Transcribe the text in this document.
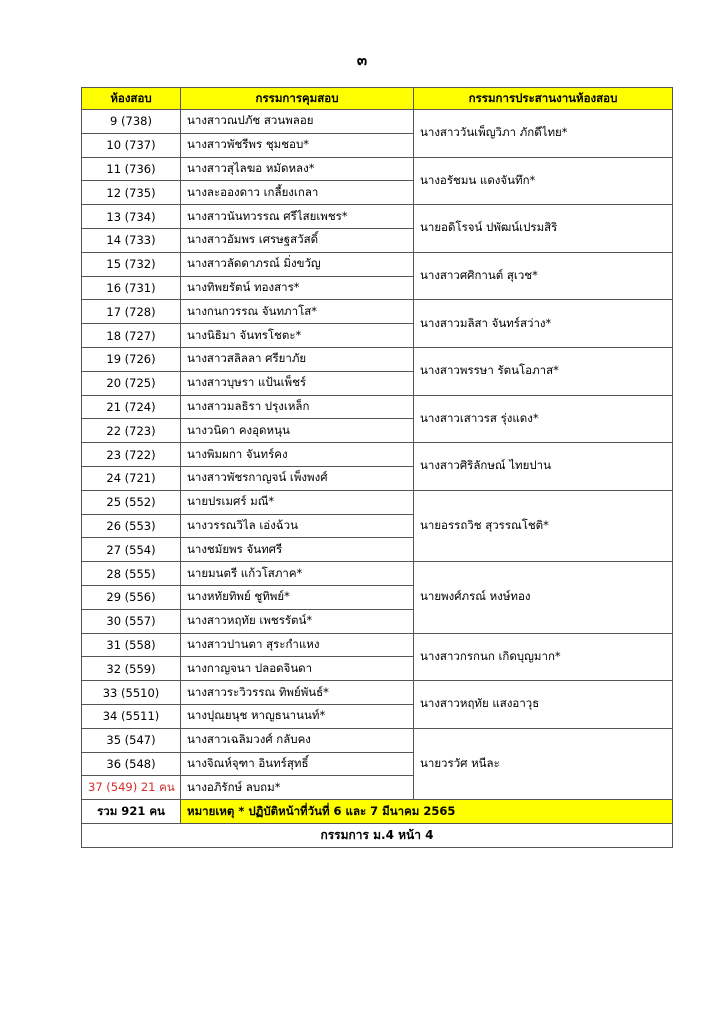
๓
ห้องสอบ	กรรมการคุมสอบ	กรรมการประสานงานห้องสอบ
9 (738)	นางสาวณปภัช สวนพลอย	นางสาววันเพ็ญวิภา ภักดีไทย*
10 (737)	นางสาวพัชรีพร ชุมชอบ*	
11 (736)	นางสาวสุไลฆอ หมัดหลง*	นางอรัชมน แดงจันทึก*
12 (735)	นางละอองดาว เกลี้ยงเกลา	
13 (734)	นางสาวนันทวรรณ ศรีไสยเพชร*	นายอดิโรจน์ ปพัฒน์เปรมสิริ
14 (733)	นางสาวอัมพร เศรษฐสวัสดิ์	
15 (732)	นางสาวลัดดาภรณ์ มิ่งขวัญ	นางสาวศศิกานต์ สุเวช*
16 (731)	นางทิพยรัตน์ ทองสาร*	
17 (728)	นางกนกวรรณ จันทภาโส*	นางสาวมลิสา จันทร์สว่าง*
18 (727)	นางนิธิมา จันทรโชตะ*	
19 (726)	นางสาวสลิลลา ศรียาภัย	นางสาวพรรษา รัตนโอภาส*
20 (725)	นางสาวบุษรา แป้นเพ็ชร์	
21 (724)	นางสาวมลธิรา ปรุงเหล็ก	นางสาวเสาวรส รุ่งแดง*
22 (723)	นางวนิดา คงอุดหนุน	
23 (722)	นางพิมผกา จันทร์คง	นางสาวศิริลักษณ์ ไทยปาน
24 (721)	นางสาวพัชรกาญจน์ เพ็งพงศ์	
25 (552)	นายปรเมศร์ มณี*	นายอรรถวิช สุวรรณโชติ*
26 (553)	นางวรรณวิไล เอ่งฉ้วน	
27 (554)	นางชมัยพร จันทศรี	
28 (555)	นายมนตรี แก้วโสภาค*	นายพงศ์ภรณ์ หงษ์ทอง
29 (556)	นางหทัยทิพย์ ชูทิพย์*	
30 (557)	นางสาวหฤทัย เพชรรัตน์*	
31 (558)	นางสาวปานตา สุระกำแหง	นางสาวกรกนก เกิดบุญมาก*
32 (559)	นางกาญจนา ปลอดจินดา	
33 (5510)	นางสาวระวิวรรณ ทิพย์พันธ์*	นางสาวหฤทัย แสงอาวุธ
34 (5511)	นางปุณยนุช หาญธนานนท์*	
35 (547)	นางสาวเฉลิมวงศ์ กลับคง	นายวรวัศ หนีละ
36 (548)	นางจิณห์จุฑา อินทร์สุทธิ์	
37 (549) 21 คน	นางอภิรักษ์ ลบถม*	
รวม 921 คน	หมายเหตุ * ปฏิบัติหน้าที่วันที่ 6 และ 7 มีนาคม 2565	
กรรมการ ม.4 หน้า 4		
